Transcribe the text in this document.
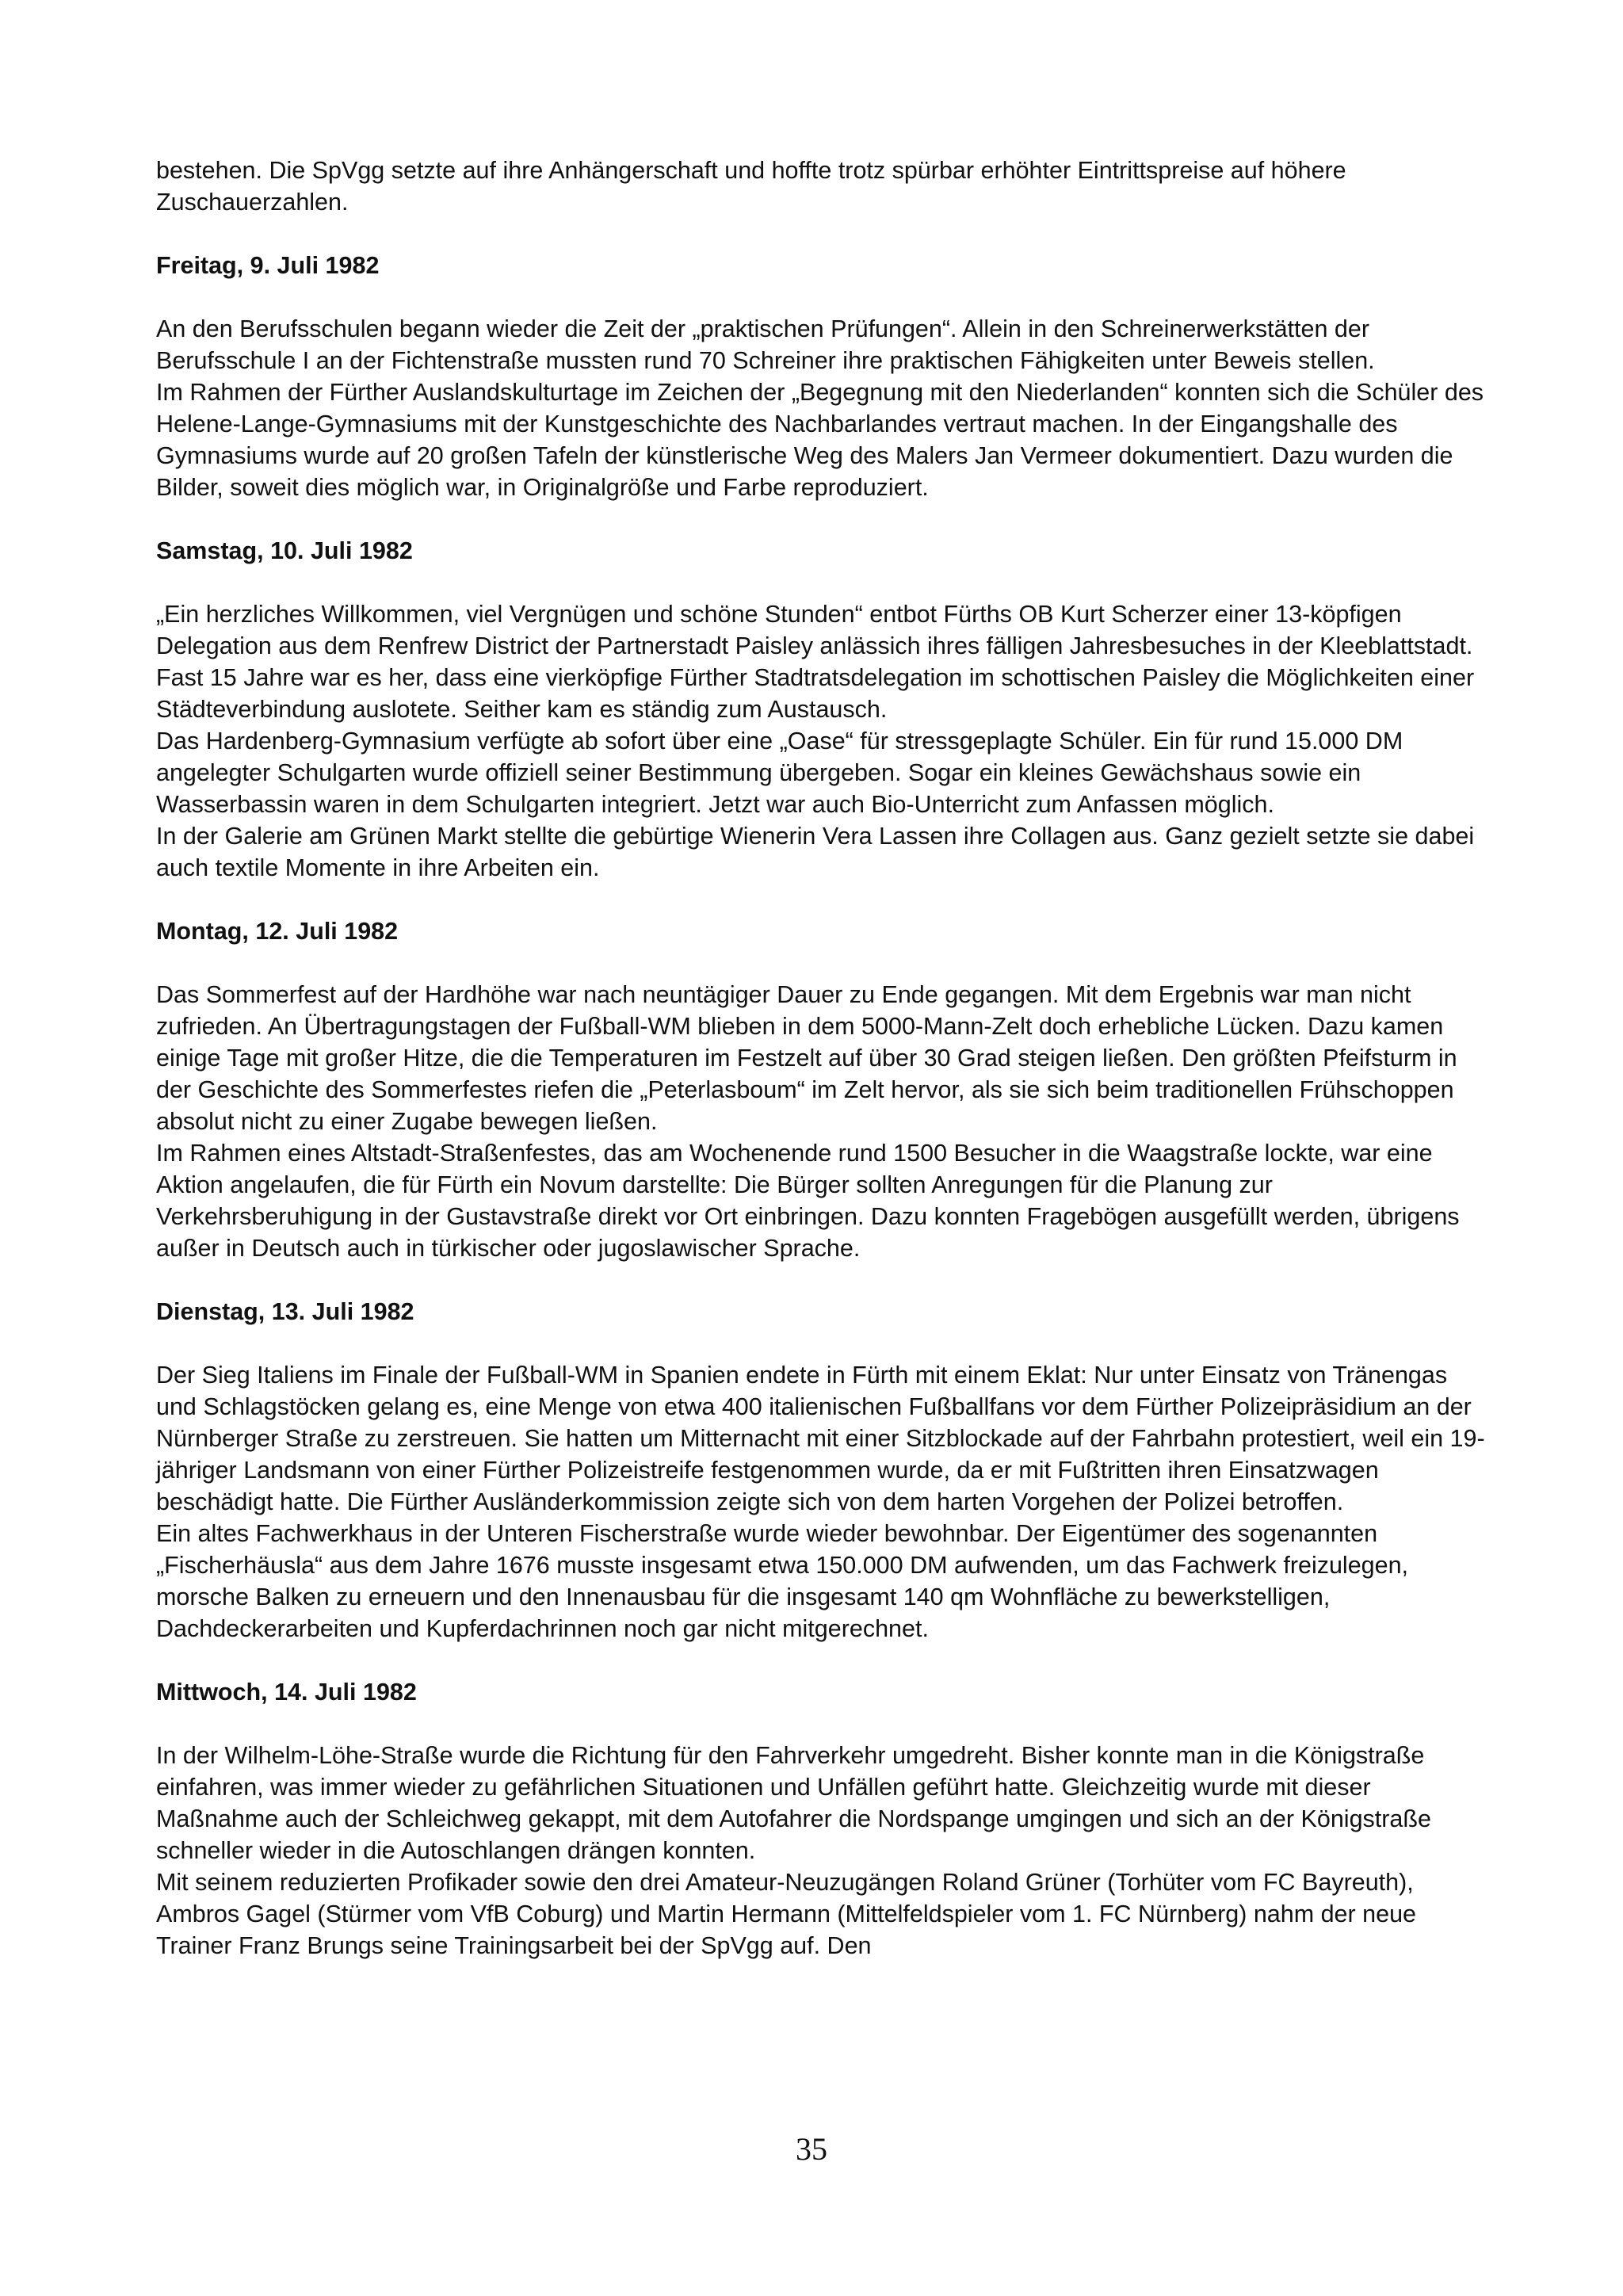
bestehen. Die SpVgg setzte auf ihre Anhängerschaft und hoffte trotz spürbar erhöhter Eintrittspreise auf höhere Zuschauerzahlen.

Freitag, 9. Juli 1982

An den Berufsschulen begann wieder die Zeit der „praktischen Prüfungen“. Allein in den Schreinerwerkstätten der Berufsschule I an der Fichtenstraße mussten rund 70 Schreiner ihre praktischen Fähigkeiten unter Beweis stellen.

Im Rahmen der Fürther Auslandskulturtage im Zeichen der „Begegnung mit den Niederlanden“ konnten sich die Schüler des Helene-Lange-Gymnasiums mit der Kunstgeschichte des Nachbarlandes vertraut machen. In der Eingangshalle des Gymnasiums wurde auf 20 großen Tafeln der künstlerische Weg des Malers Jan Vermeer dokumentiert. Dazu wurden die Bilder, soweit dies möglich war, in Originalgröße und Farbe reproduziert.

Samstag, 10. Juli 1982

„Ein herzliches Willkommen, viel Vergnügen und schöne Stunden“ entbot Fürths OB Kurt Scherzer einer 13-köpfigen Delegation aus dem Renfrew District der Partnerstadt Paisley anlässich ihres fälligen Jahresbesuches in der Kleeblattstadt. Fast 15 Jahre war es her, dass eine vierköpfige Fürther Stadtratsdelegation im schottischen Paisley die Möglichkeiten einer Städteverbindung auslotete. Seither kam es ständig zum Austausch.

Das Hardenberg-Gymnasium verfügte ab sofort über eine „Oase“ für stressgeplagte Schüler. Ein für rund 15.000 DM angelegter Schulgarten wurde offiziell seiner Bestimmung übergeben. Sogar ein kleines Gewächshaus sowie ein Wasserbassin waren in dem Schulgarten integriert. Jetzt war auch Bio-Unterricht zum Anfassen möglich.

In der Galerie am Grünen Markt stellte die gebürtige Wienerin Vera Lassen ihre Collagen aus. Ganz gezielt setzte sie dabei auch textile Momente in ihre Arbeiten ein.

Montag, 12. Juli 1982

Das Sommerfest auf der Hardhöhe war nach neuntägiger Dauer zu Ende gegangen. Mit dem Ergebnis war man nicht zufrieden. An Übertragungstagen der Fußball-WM blieben in dem 5000-Mann-Zelt doch erhebliche Lücken. Dazu kamen einige Tage mit großer Hitze, die die Temperaturen im Festzelt auf über 30 Grad steigen ließen. Den größten Pfeifsturm in der Geschichte des Sommerfestes riefen die „Peterlasboum“ im Zelt hervor, als sie sich beim traditionellen Frühschoppen absolut nicht zu einer Zugabe bewegen ließen.

Im Rahmen eines Altstadt-Straßenfestes, das am Wochenende rund 1500 Besucher in die Waagstraße lockte, war eine Aktion angelaufen, die für Fürth ein Novum darstellte: Die Bürger sollten Anregungen für die Planung zur Verkehrsberuhigung in der Gustavstraße direkt vor Ort einbringen. Dazu konnten Fragebögen ausgefüllt werden, übrigens außer in Deutsch auch in türkischer oder jugoslawischer Sprache.

Dienstag, 13. Juli 1982

Der Sieg Italiens im Finale der Fußball-WM in Spanien endete in Fürth mit einem Eklat: Nur unter Einsatz von Tränengas und Schlagstöcken gelang es, eine Menge von etwa 400 italienischen Fußballfans vor dem Fürther Polizeipräsidium an der Nürnberger Straße zu zerstreuen. Sie hatten um Mitternacht mit einer Sitzblockade auf der Fahrbahn protestiert, weil ein 19-jähriger Landsmann von einer Fürther Polizeistreife festgenommen wurde, da er mit Fußtritten ihren Einsatzwagen beschädigt hatte. Die Fürther Ausländerkommission zeigte sich von dem harten Vorgehen der Polizei betroffen.

Ein altes Fachwerkhaus in der Unteren Fischerstraße wurde wieder bewohnbar. Der Eigentümer des sogenannten „Fischerhäusla“ aus dem Jahre 1676 musste insgesamt etwa 150.000 DM aufwenden, um das Fachwerk freizulegen, morsche Balken zu erneuern und den Innenausbau für die insgesamt 140 qm Wohnfläche zu bewerkstelligen, Dachdeckerarbeiten und Kupferdachrinnen noch gar nicht mitgerechnet.

Mittwoch, 14. Juli 1982

In der Wilhelm-Löhe-Straße wurde die Richtung für den Fahrverkehr umgedreht. Bisher konnte man in die Königstraße einfahren, was immer wieder zu gefährlichen Situationen und Unfällen geführt hatte. Gleichzeitig wurde mit dieser Maßnahme auch der Schleichweg gekappt, mit dem Autofahrer die Nordspange umgingen und sich an der Königstraße schneller wieder in die Autoschlangen drängen konnten.

Mit seinem reduzierten Profikader sowie den drei Amateur-Neuzugängen Roland Grüner (Torhüter vom FC Bayreuth), Ambros Gagel (Stürmer vom VfB Coburg) und Martin Hermann (Mittelfeldspieler vom 1. FC Nürnberg) nahm der neue Trainer Franz Brungs seine Trainingsarbeit bei der SpVgg auf. Den

35
